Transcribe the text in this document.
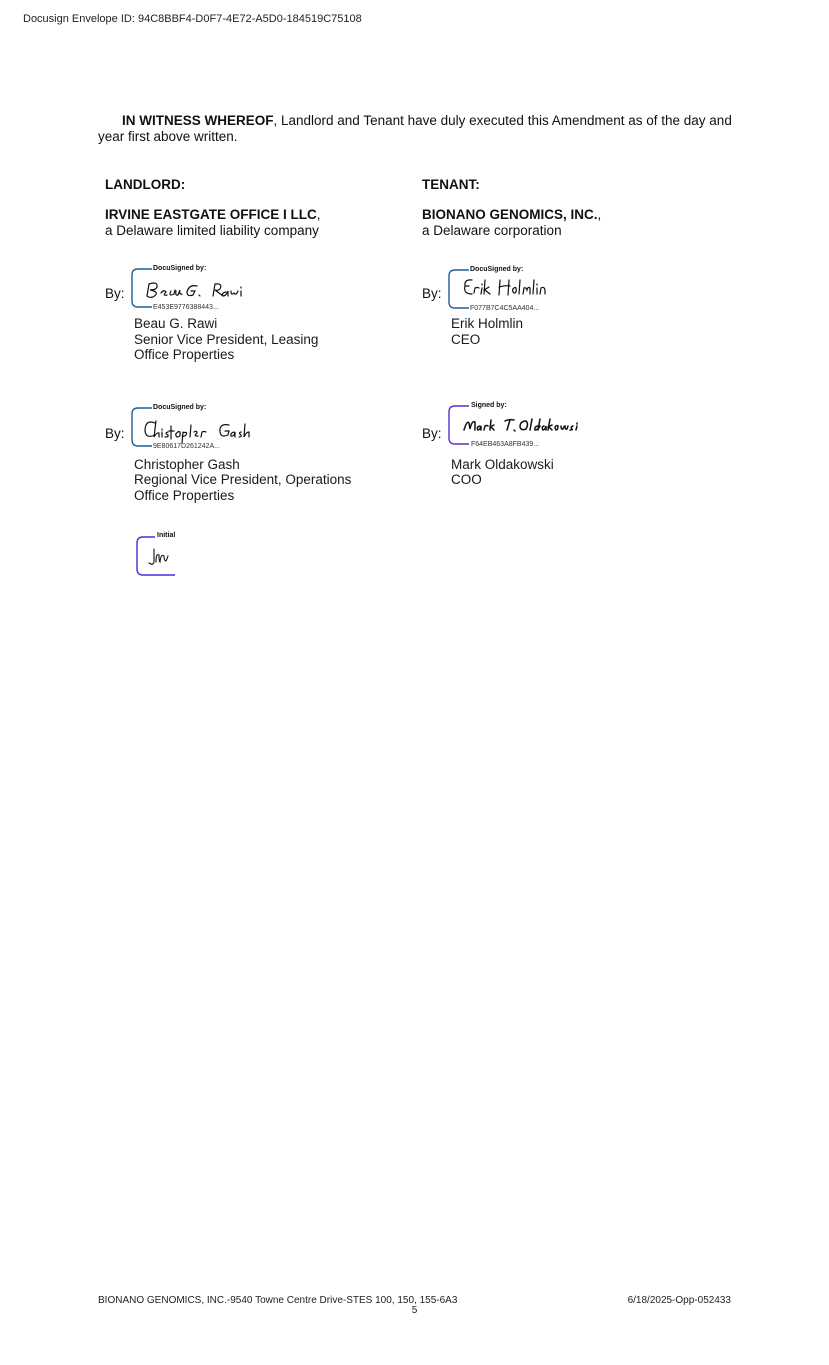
Docusign Envelope ID: 94C8BBF4-D0F7-4E72-A5D0-184519C75108
IN WITNESS WHEREOF, Landlord and Tenant have duly executed this Amendment as of the day and year first above written.
LANDLORD:
IRVINE EASTGATE OFFICE I LLC,
a Delaware limited liability company
By:
DocuSigned by:
E453E9776388443...
Beau G. Rawi
Senior Vice President, Leasing
Office Properties
By:
DocuSigned by:
9E80617D261242A...
Christopher Gash
Regional Vice President, Operations
Office Properties
Initial
TENANT:
BIONANO GENOMICS, INC.,
a Delaware corporation
By:
DocuSigned by:
F077B7C4C5AA404...
Erik Holmlin
CEO
By:
Signed by:
F64EB463A8FB439...
Mark Oldakowski
COO
BIONANO GENOMICS, INC.-9540 Towne Centre Drive-STES 100, 150, 155-6A3	6/18/2025-Opp-052433
5
